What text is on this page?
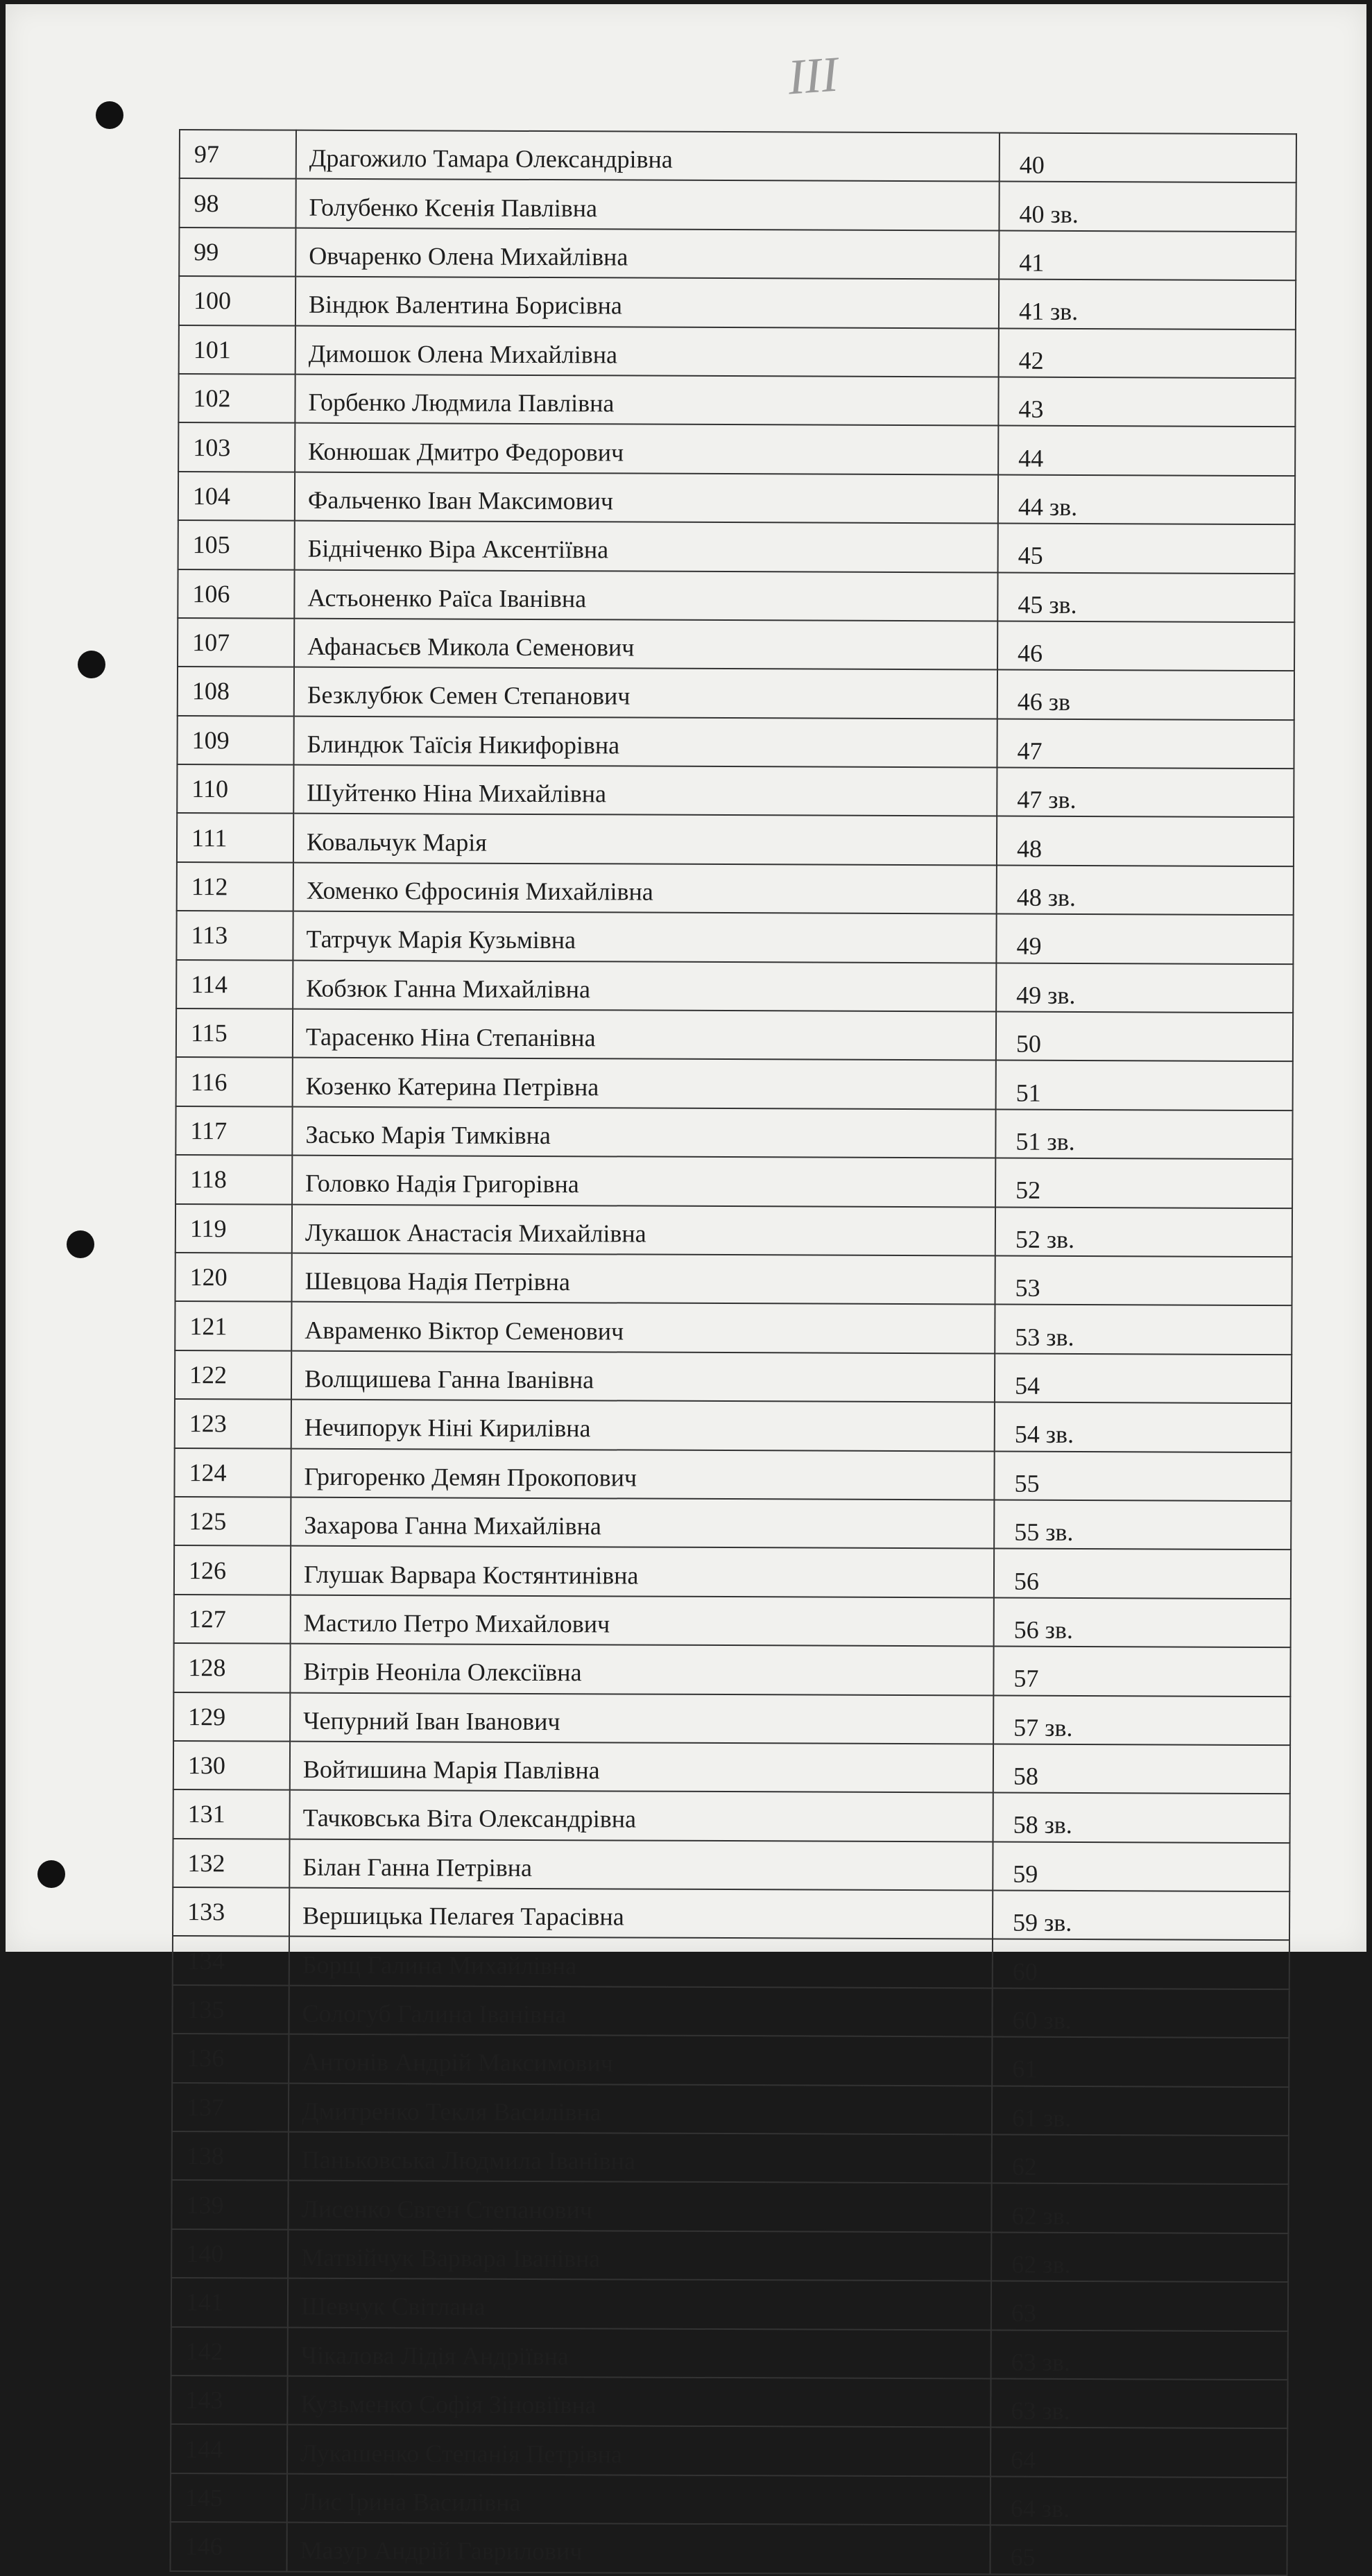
III
97	Драгожило Тамара Олександрівна	40
98	Голубенко Ксенія Павлівна	40 зв.
99	Овчаренко Олена Михайлівна	41
100	Віндюк Валентина Борисівна	41 зв.
101	Димошок Олена Михайлівна	42
102	Горбенко Людмила Павлівна	43
103	Конюшак Дмитро Федорович	44
104	Фальченко Іван Максимович	44 зв.
105	Бідніченко Віра Аксентіївна	45
106	Астьоненко Раїса Іванівна	45 зв.
107	Афанасьєв Микола Семенович	46
108	Безклубюк Семен Степанович	46 зв
109	Блиндюк Таїсія Никифорівна	47
110	Шуйтенко Ніна Михайлівна	47 зв.
111	Ковальчук Марія	48
112	Хоменко Єфросинія Михайлівна	48 зв.
113	Татрчук Марія Кузьмівна	49
114	Кобзюк Ганна Михайлівна	49 зв.
115	Тарасенко Ніна Степанівна	50
116	Козенко Катерина Петрівна	51
117	Засько Марія Тимківна	51 зв.
118	Головко Надія Григорівна	52
119	Лукашок Анастасія Михайлівна	52 зв.
120	Шевцова Надія Петрівна	53
121	Авраменко Віктор Семенович	53 зв.
122	Волщишева Ганна Іванівна	54
123	Нечипорук Ніні Кирилівна	54 зв.
124	Григоренко Демян Прокопович	55
125	Захарова Ганна Михайлівна	55 зв.
126	Глушак Варвара Костянтинівна	56
127	Мастило Петро Михайлович	56 зв.
128	Вітрів Неоніла Олексіївна	57
129	Чепурний Іван Іванович	57 зв.
130	Войтишина Марія Павлівна	58
131	Тачковська Віта Олександрівна	58 зв.
132	Білан Ганна Петрівна	59
133	Вершицька Пелагея Тарасівна	59 зв.
134	Борщ Галина Михайлівна	60
135	Сологуб Галина Іванівна	60 зв.
136	Антонів Андрій Максимович	61
137	Дмитренко Текля Василівна	61 зв.
138	Паньковська Людмила Іванівна	62
139	Лисенко Євген Степанович	62 зв.
140	Матвійчук Варвара Іванівна	62 зв.
141	Шевчук Світлана	63
142	Чікалова Лідія Андріївна	63 зв.
143	Кузьменко Софія Зіновіївна	63 зв.
144	Лукашенко Степанія Петрівна	64
145	Лис Ірина Василівна	64 зв.
146	Мазур Андрій Гаврилович	65
